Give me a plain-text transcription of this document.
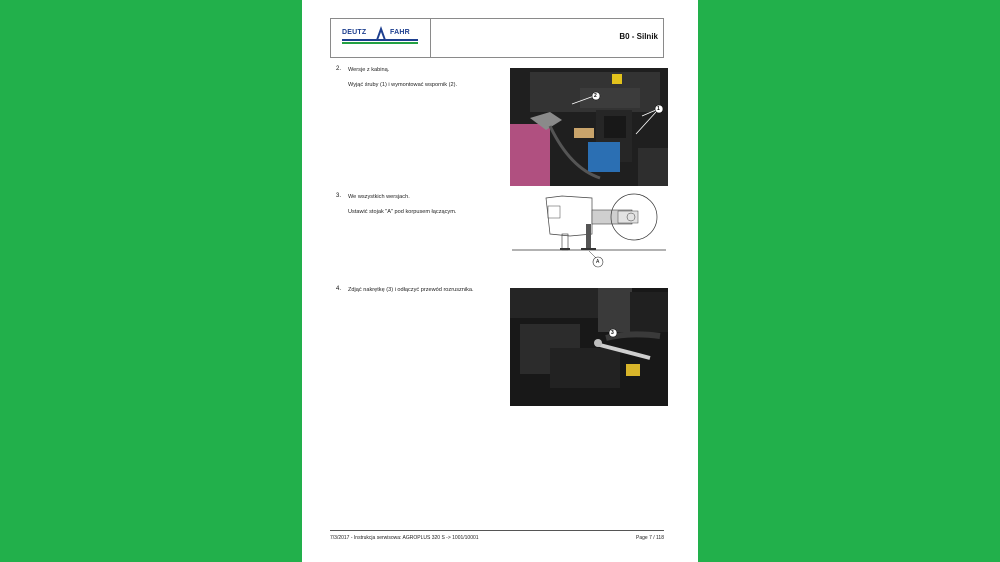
DEUTZ	FAHR	B0 - Silnik
2. Wersje z kabiną.
Wyjąć śruby (1) i wymontować wspornik (2).
2
1
3. We wszystkich wersjach.
Ustawić stojak "A" pod korpusem łączącym.
A
4. Zdjąć nakrętkę (3) i odłączyć przewód rozrusznika.
3
7/3/2017 - Instrukcja serwisowa: AGROPLUS 320 S -> 1001/10001	Page 7 / 118
